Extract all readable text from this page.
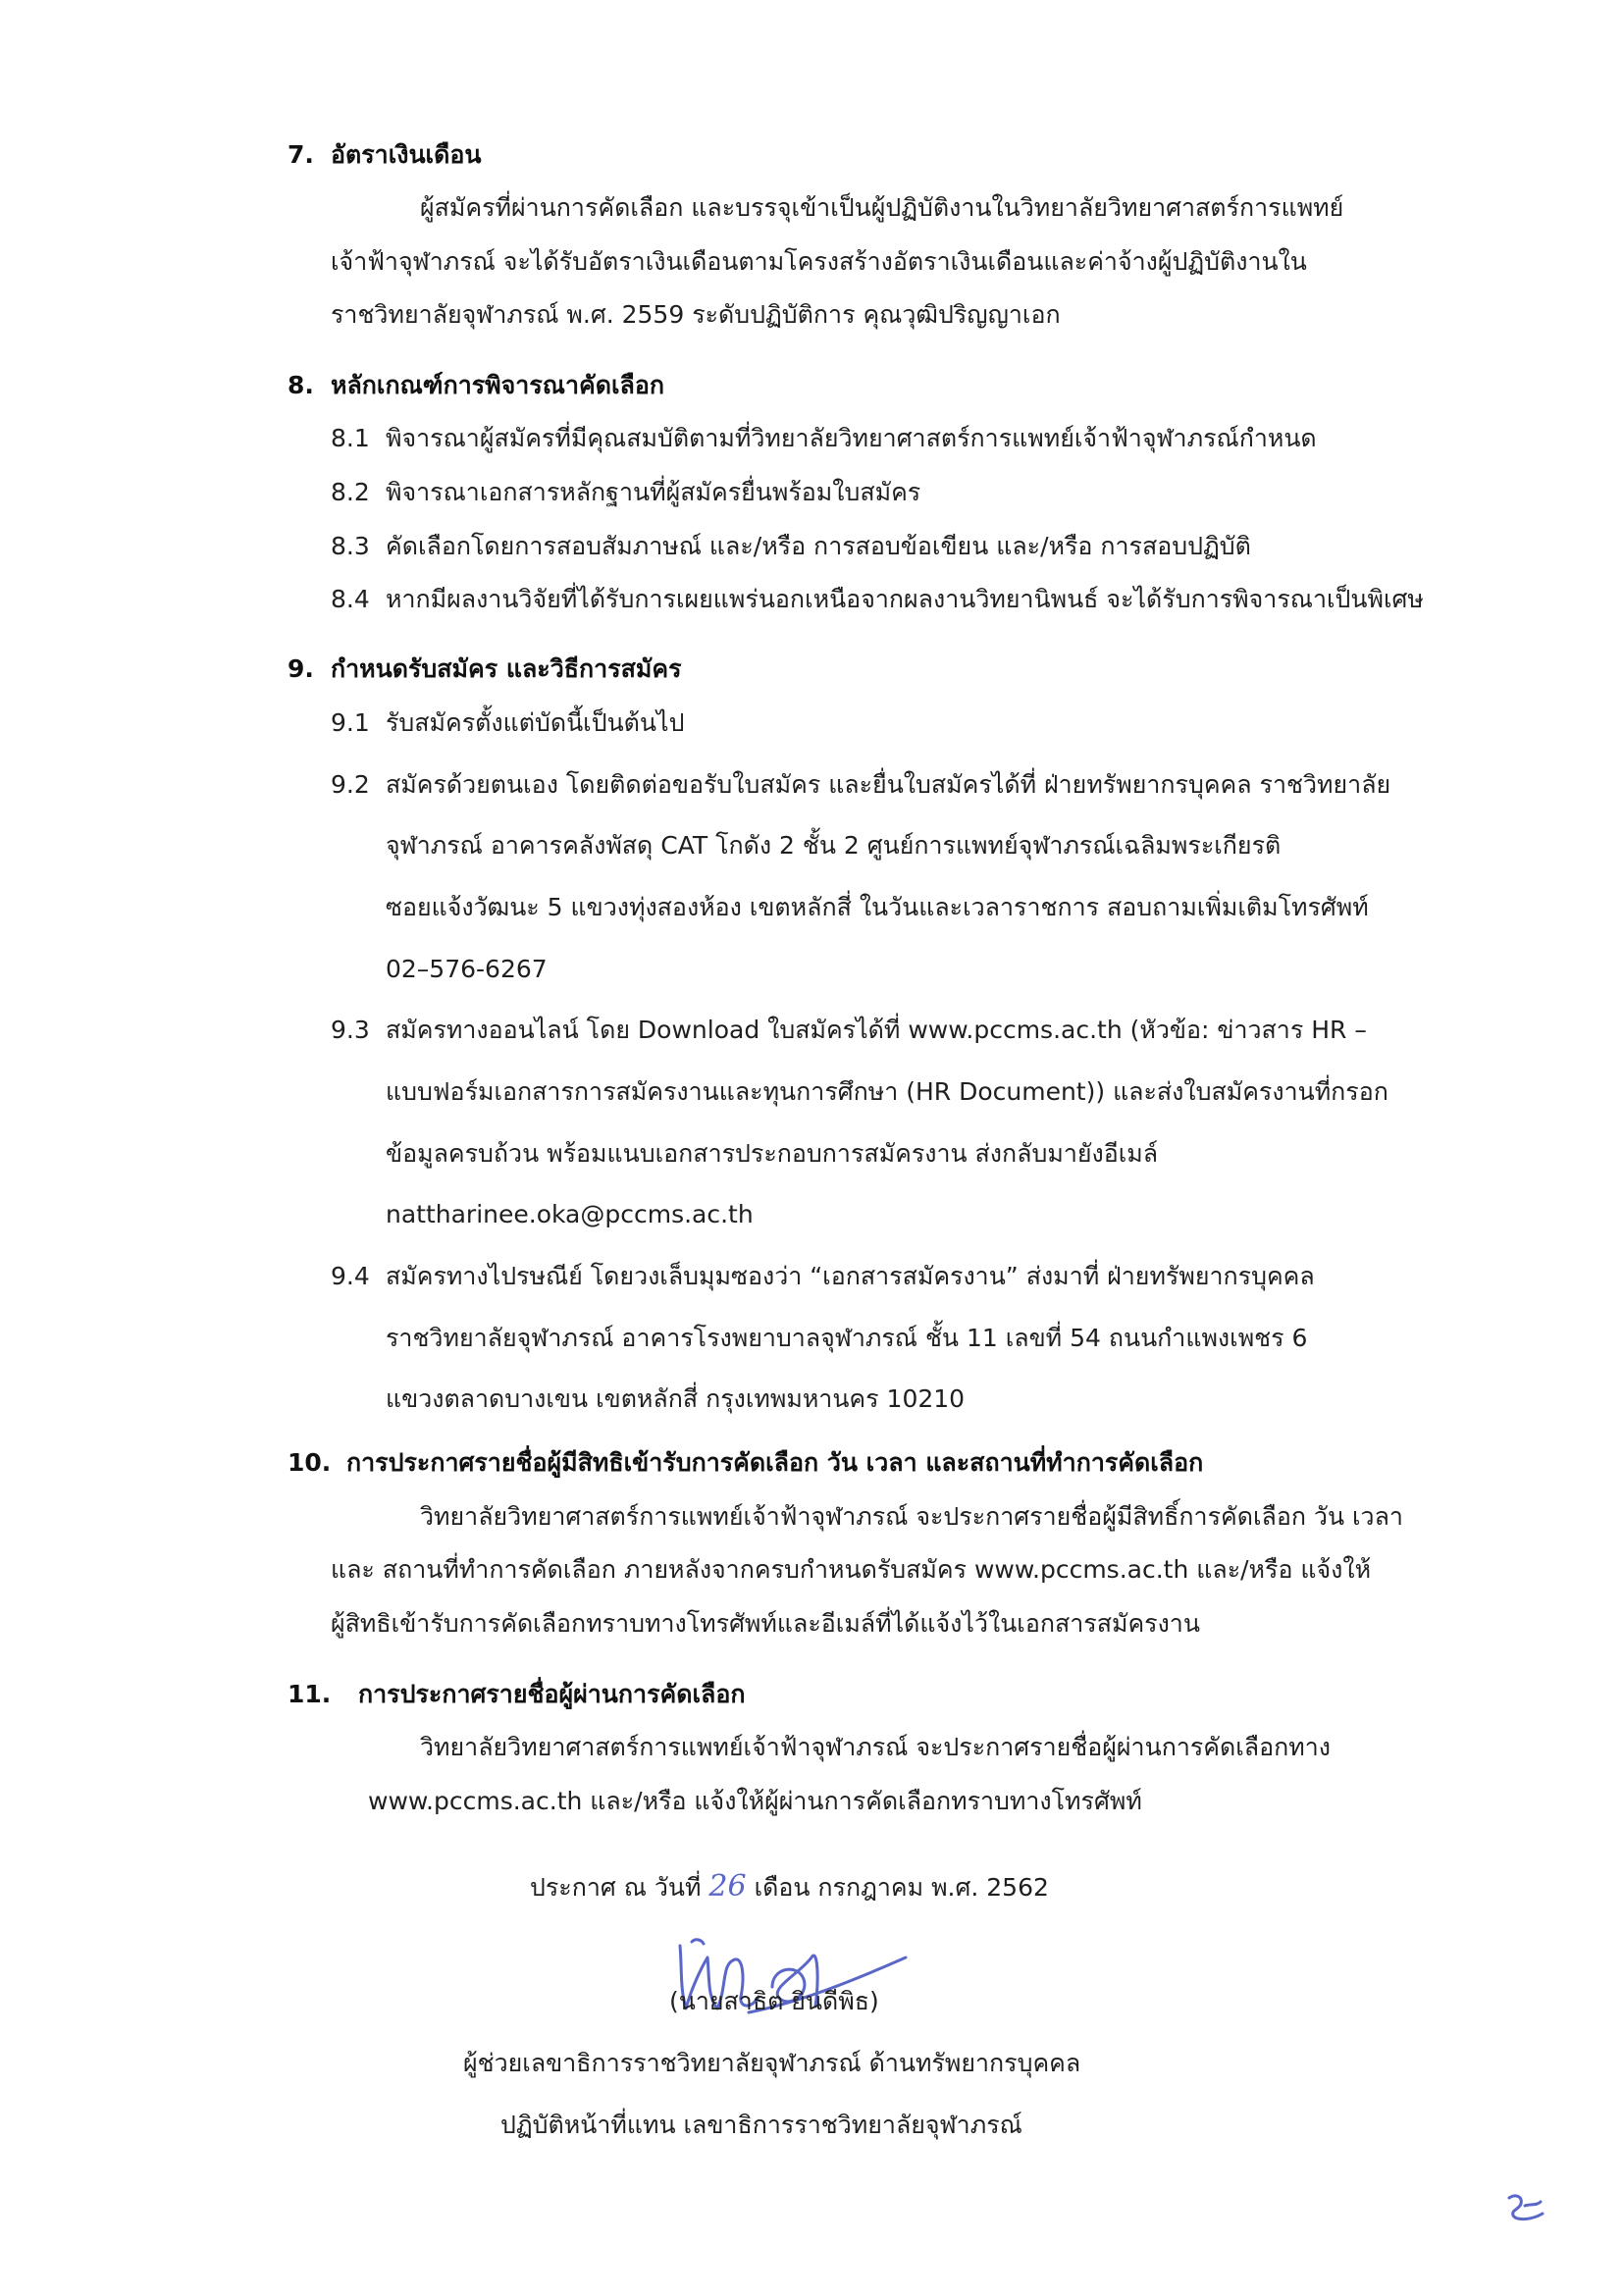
7. อัตราเงินเดือน
ผู้สมัครที่ผ่านการคัดเลือก และบรรจุเข้าเป็นผู้ปฏิบัติงานในวิทยาลัยวิทยาศาสตร์การแพทย์
เจ้าฟ้าจุฬาภรณ์ จะได้รับอัตราเงินเดือนตามโครงสร้างอัตราเงินเดือนและค่าจ้างผู้ปฏิบัติงานใน
ราชวิทยาลัยจุฬาภรณ์ พ.ศ. 2559 ระดับปฏิบัติการ คุณวุฒิปริญญาเอก
8. หลักเกณฑ์การพิจารณาคัดเลือก
8.1 พิจารณาผู้สมัครที่มีคุณสมบัติตามที่วิทยาลัยวิทยาศาสตร์การแพทย์เจ้าฟ้าจุฬาภรณ์กำหนด
8.2 พิจารณาเอกสารหลักฐานที่ผู้สมัครยื่นพร้อมใบสมัคร
8.3 คัดเลือกโดยการสอบสัมภาษณ์ และ/หรือ การสอบข้อเขียน และ/หรือ การสอบปฏิบัติ
8.4 หากมีผลงานวิจัยที่ได้รับการเผยแพร่นอกเหนือจากผลงานวิทยานิพนธ์ จะได้รับการพิจารณาเป็นพิเศษ
9. กำหนดรับสมัคร และวิธีการสมัคร
9.1 รับสมัครตั้งแต่บัดนี้เป็นต้นไป
9.2 สมัครด้วยตนเอง โดยติดต่อขอรับใบสมัคร และยื่นใบสมัครได้ที่ ฝ่ายทรัพยากรบุคคล ราชวิทยาลัย
จุฬาภรณ์ อาคารคลังพัสดุ CAT โกดัง 2 ชั้น 2 ศูนย์การแพทย์จุฬาภรณ์เฉลิมพระเกียรติ
ซอยแจ้งวัฒนะ 5 แขวงทุ่งสองห้อง เขตหลักสี่ ในวันและเวลาราชการ สอบถามเพิ่มเติมโทรศัพท์
02–576-6267
9.3 สมัครทางออนไลน์ โดย Download ใบสมัครได้ที่ www.pccms.ac.th (หัวข้อ: ข่าวสาร HR –
แบบฟอร์มเอกสารการสมัครงานและทุนการศึกษา (HR Document)) และส่งใบสมัครงานที่กรอก
ข้อมูลครบถ้วน พร้อมแนบเอกสารประกอบการสมัครงาน ส่งกลับมายังอีเมล์
nattharinee.oka@pccms.ac.th
9.4 สมัครทางไปรษณีย์ โดยวงเล็บมุมซองว่า “เอกสารสมัครงาน” ส่งมาที่ ฝ่ายทรัพยากรบุคคล
ราชวิทยาลัยจุฬาภรณ์ อาคารโรงพยาบาลจุฬาภรณ์ ชั้น 11 เลขที่ 54 ถนนกำแพงเพชร 6
แขวงตลาดบางเขน เขตหลักสี่ กรุงเทพมหานคร 10210
10. การประกาศรายชื่อผู้มีสิทธิเข้ารับการคัดเลือก วัน เวลา และสถานที่ทำการคัดเลือก
วิทยาลัยวิทยาศาสตร์การแพทย์เจ้าฟ้าจุฬาภรณ์ จะประกาศรายชื่อผู้มีสิทธิ์การคัดเลือก วัน เวลา
และ สถานที่ทำการคัดเลือก ภายหลังจากครบกำหนดรับสมัคร www.pccms.ac.th และ/หรือ แจ้งให้
ผู้สิทธิเข้ารับการคัดเลือกทราบทางโทรศัพท์และอีเมล์ที่ได้แจ้งไว้ในเอกสารสมัครงาน
11. การประกาศรายชื่อผู้ผ่านการคัดเลือก
วิทยาลัยวิทยาศาสตร์การแพทย์เจ้าฟ้าจุฬาภรณ์ จะประกาศรายชื่อผู้ผ่านการคัดเลือกทาง
www.pccms.ac.th และ/หรือ แจ้งให้ผู้ผ่านการคัดเลือกทราบทางโทรศัพท์
ประกาศ ณ วันที่ 26 เดือน กรกฎาคม พ.ศ. 2562
(นายสาธิต ยินดีพิธ)
ผู้ช่วยเลขาธิการราชวิทยาลัยจุฬาภรณ์ ด้านทรัพยากรบุคคล
ปฏิบัติหน้าที่แทน เลขาธิการราชวิทยาลัยจุฬาภรณ์
